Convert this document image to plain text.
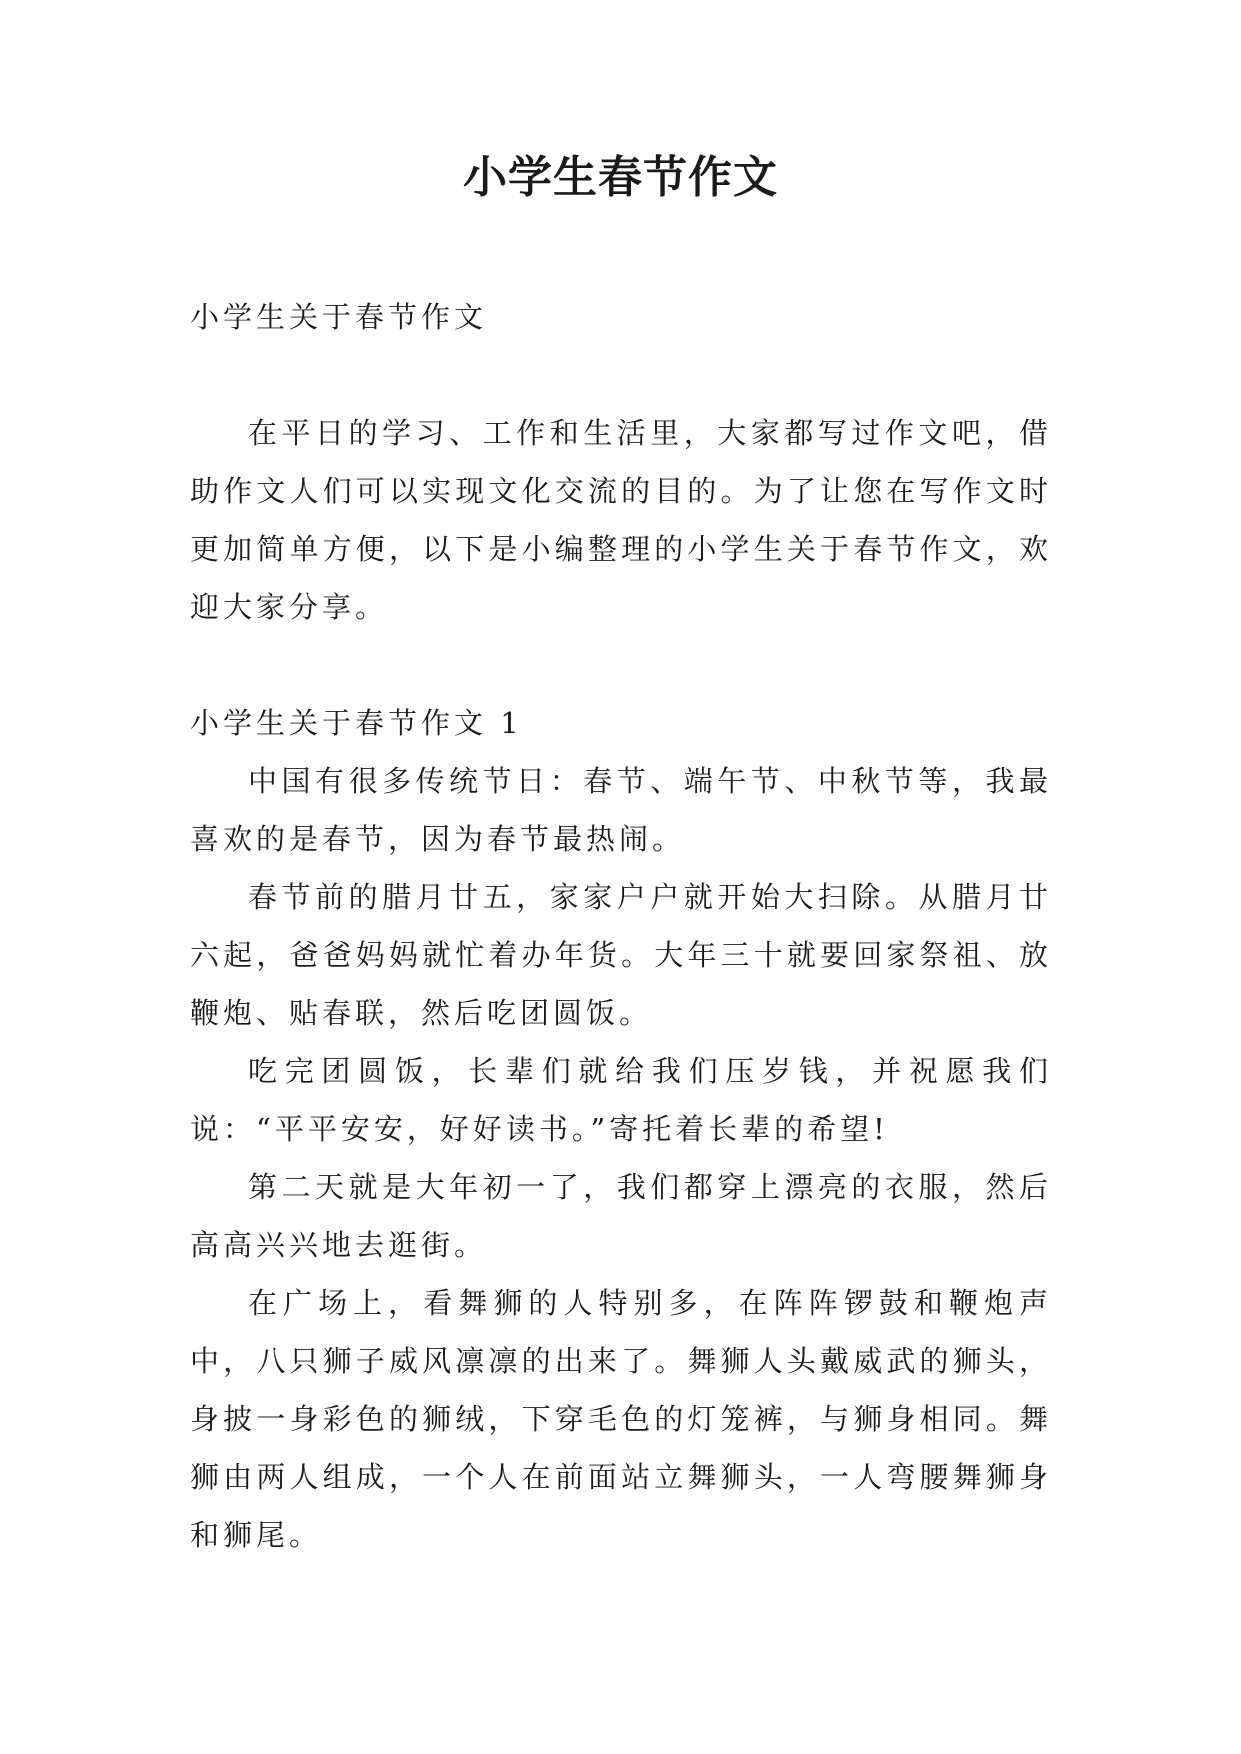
小学生春节作文

小学生关于春节作文

在平日的学习、工作和生活里，大家都写过作文吧，借助作文人们可以实现文化交流的目的。为了让您在写作文时更加简单方便，以下是小编整理的小学生关于春节作文，欢迎大家分享。

小学生关于春节作文 1

中国有很多传统节日：春节、端午节、中秋节等，我最喜欢的是春节，因为春节最热闹。

春节前的腊月廿五，家家户户就开始大扫除。从腊月廿六起，爸爸妈妈就忙着办年货。大年三十就要回家祭祖、放鞭炮、贴春联，然后吃团圆饭。

吃完团圆饭，长辈们就给我们压岁钱，并祝愿我们说：“平平安安，好好读书。”寄托着长辈的希望!

第二天就是大年初一了，我们都穿上漂亮的衣服，然后高高兴兴地去逛街。

在广场上，看舞狮的人特别多，在阵阵锣鼓和鞭炮声中，八只狮子威风凛凛的出来了。舞狮人头戴威武的狮头，身披一身彩色的狮绒，下穿毛色的灯笼裤，与狮身相同。舞狮由两人组成，一个人在前面站立舞狮头，一人弯腰舞狮身和狮尾。
